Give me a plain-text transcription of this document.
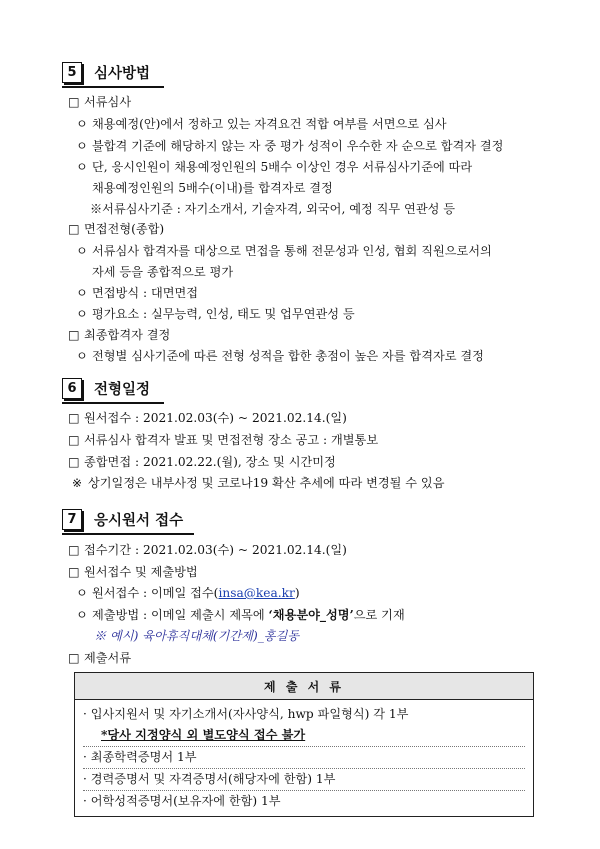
5	심사방법
□ 서류심사
ㅇ 채용예정(안)에서 정하고 있는 자격요건 적합 여부를 서면으로 심사
ㅇ 불합격 기준에 해당하지 않는 자 중 평가 성적이 우수한 자 순으로 합격자 결정
ㅇ 단, 응시인원이 채용예정인원의 5배수 이상인 경우 서류심사기준에 따라
채용예정인원의 5배수(이내)를 합격자로 결정
※서류심사기준 : 자기소개서, 기술자격, 외국어, 예정 직무 연관성 등
□ 면접전형(종합)
ㅇ 서류심사 합격자를 대상으로 면접을 통해 전문성과 인성, 협회 직원으로서의
자세 등을 종합적으로 평가
ㅇ 면접방식 : 대면면접
ㅇ 평가요소 : 실무능력, 인성, 태도 및 업무연관성 등
□ 최종합격자 결정
ㅇ 전형별 심사기준에 따른 전형 성적을 합한 총점이 높은 자를 합격자로 결정
6	전형일정
□ 원서접수 : 2021.02.03(수) ~ 2021.02.14.(일)
□ 서류심사 합격자 발표 및 면접전형 장소 공고 : 개별통보
□ 종합면접 : 2021.02.22.(월), 장소 및 시간미정
※ 상기일정은 내부사정 및 코로나19 확산 추세에 따라 변경될 수 있음
7	응시원서 접수
□ 접수기간 : 2021.02.03(수) ~ 2021.02.14.(일)
□ 원서접수 및 제출방법
ㅇ 원서접수 : 이메일 접수(insa@kea.kr)
ㅇ 제출방법 : 이메일 제출시 제목에 ‘채용분야_성명’으로 기재
※ 예시) 육아휴직대체(기간제)_홍길동
□ 제출서류
제 출 서 류

· 입사지원서 및 자기소개서(자사양식, hwp 파일형식) 각 1부
*당사 지정양식 외 별도양식 접수 불가
· 최종학력증명서 1부
· 경력증명서 및 자격증명서(해당자에 한함) 1부
· 어학성적증명서(보유자에 한함) 1부
